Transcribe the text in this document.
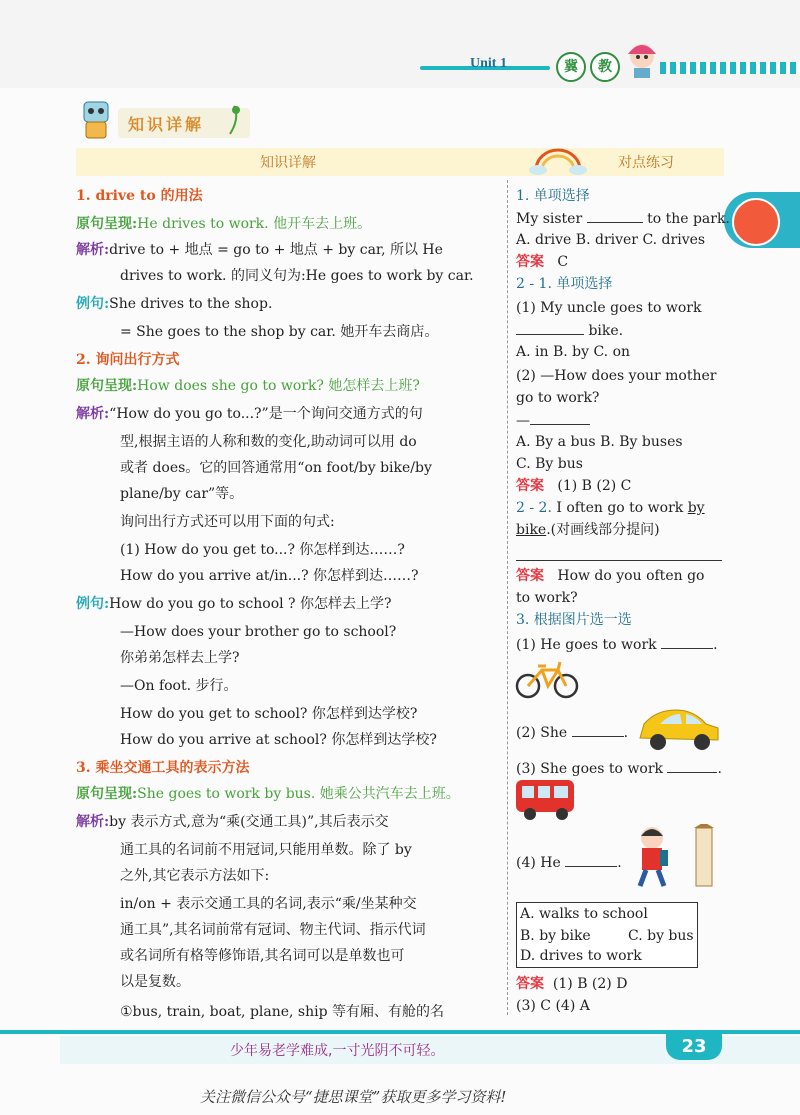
Unit 1	冀	教
知识详解
知识详解	对点练习
1. drive to 的用法
原句呈现:He drives to work. 他开车去上班。
解析:drive to + 地点 = go to + 地点 + by car, 所以 He
drives to work. 的同义句为:He goes to work by car.
例句:She drives to the shop.
= She goes to the shop by car. 她开车去商店。
2. 询问出行方式
原句呈现:How does she go to work? 她怎样去上班?
解析:“How do you go to...?”是一个询问交通方式的句
型,根据主语的人称和数的变化,助动词可以用 do
或者 does。它的回答通常用“on foot/by bike/by
plane/by car”等。
询问出行方式还可以用下面的句式:
(1) How do you get to...? 你怎样到达……?
How do you arrive at/in...? 你怎样到达……?
例句:How do you go to school ? 你怎样去上学?
—How does your brother go to school?
你弟弟怎样去上学?
—On foot. 步行。
How do you get to school? 你怎样到达学校?
How do you arrive at school? 你怎样到达学校?
3. 乘坐交通工具的表示方法
原句呈现:She goes to work by bus. 她乘公共汽车去上班。
解析:by 表示方式,意为“乘(交通工具)”,其后表示交
通工具的名词前不用冠词,只能用单数。除了 by
之外,其它表示方法如下:
in/on + 表示交通工具的名词,表示“乘/坐某种交
通工具”,其名词前常有冠词、物主代词、指示代词
或名词所有格等修饰语,其名词可以是单数也可
以是复数。
①bus, train, boat, plane, ship 等有厢、有舱的名
1. 单项选择
My sister	to the park.
A. drive B. driver C. drives
答案 C
2 - 1. 单项选择
(1) My uncle goes to work
bike.
A. in B. by C. on
(2) —How does your mother
go to work?
—
A. By a bus B. By buses
C. By bus
答案 (1) B (2) C
2 - 2. I often go to work by
bike.(对画线部分提问)
答案 How do you often go
to work?
3. 根据图片选一选
(1) He goes to work	.
(2) She	.
(3) She goes to work	.
(4) He	.
A. walks to school
B. by bike	C. by bus
D. drives to work
答案 (1) B (2) D
(3) C (4) A
少年易老学难成,一寸光阴不可轻。	23
关注微信公众号“捷思课堂”获取更多学习资料!
